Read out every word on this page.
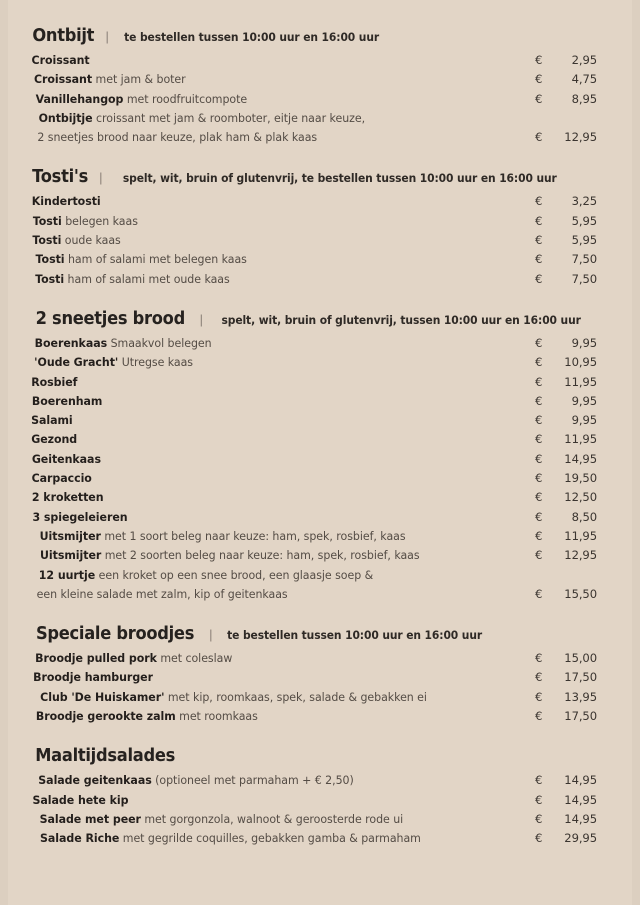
Ontbijt | te bestellen tussen 10:00 uur en 16:00 uur
Croissant	€	2,95
Croissant met jam & boter	€	4,75
Vanillehangop met roodfruitcompote	€	8,95
Ontbijtje croissant met jam & roomboter, eitje naar keuze,
2 sneetjes brood naar keuze, plak ham & plak kaas	€	12,95
Tosti's | spelt, wit, bruin of glutenvrij, te bestellen tussen 10:00 uur en 16:00 uur
Kindertosti	€	3,25
Tosti belegen kaas	€	5,95
Tosti oude kaas	€	5,95
Tosti ham of salami met belegen kaas	€	7,50
Tosti ham of salami met oude kaas	€	7,50
2 sneetjes brood | spelt, wit, bruin of glutenvrij, tussen 10:00 uur en 16:00 uur
Boerenkaas Smaakvol belegen	€	9,95
'Oude Gracht' Utregse kaas	€	10,95
Rosbief	€	11,95
Boerenham	€	9,95
Salami	€	9,95
Gezond	€	11,95
Geitenkaas	€	14,95
Carpaccio	€	19,50
2 kroketten	€	12,50
3 spiegeleieren	€	8,50
Uitsmijter met 1 soort beleg naar keuze: ham, spek, rosbief, kaas	€	11,95
Uitsmijter met 2 soorten beleg naar keuze: ham, spek, rosbief, kaas	€	12,95
12 uurtje een kroket op een snee brood, een glaasje soep &
een kleine salade met zalm, kip of geitenkaas	€	15,50
Speciale broodjes | te bestellen tussen 10:00 uur en 16:00 uur
Broodje pulled pork met coleslaw	€	15,00
Broodje hamburger	€	17,50
Club 'De Huiskamer' met kip, roomkaas, spek, salade & gebakken ei	€	13,95
Broodje gerookte zalm met roomkaas	€	17,50
Maaltijdsalades
Salade geitenkaas (optioneel met parmaham + € 2,50)	€	14,95
Salade hete kip	€	14,95
Salade met peer met gorgonzola, walnoot & geroosterde rode ui	€	14,95
Salade Riche met gegrilde coquilles, gebakken gamba & parmaham	€	29,95
